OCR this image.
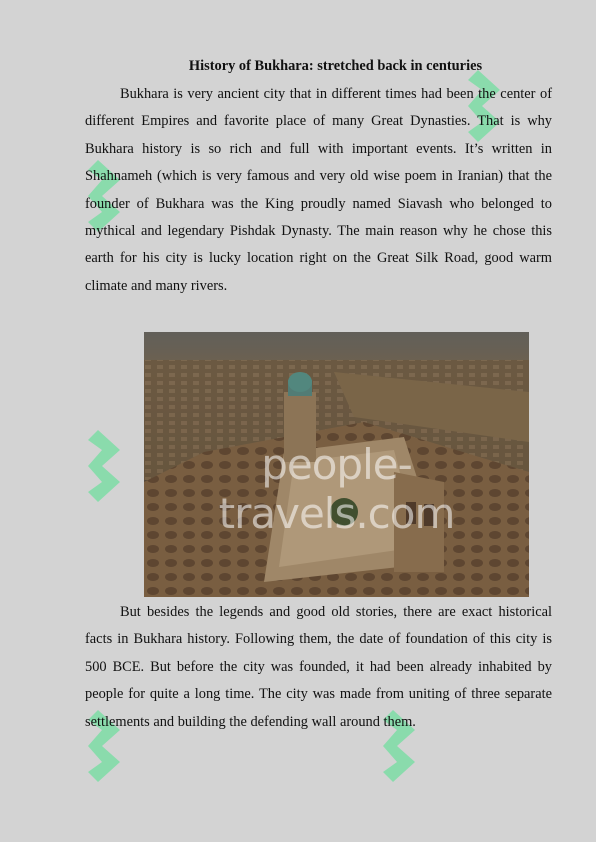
History of Bukhara: stretched back in centuries

Bukhara is very ancient city that in different times had been the center of different Empires and favorite place of many Great Dynasties. That is why Bukhara history is so rich and full with important events. It’s written in Shahnameh (which is very famous and very old wise poem in Iranian) that the founder of Bukhara was the King proudly named Siavash who belonged to mythical and legendary Pishdak Dynasty. The main reason why he chose this earth for his city is lucky location right on the Great Silk Road, good warm climate and many rivers.

But besides the legends and good old stories, there are exact historical facts in Bukhara history. Following them, the date of foundation of this city is 500 BCE. But before the city was founded, it had been already inhabited by people for quite a long time. The city was made from uniting of three separate settlements and building the defending wall around them.

people-travels.com
